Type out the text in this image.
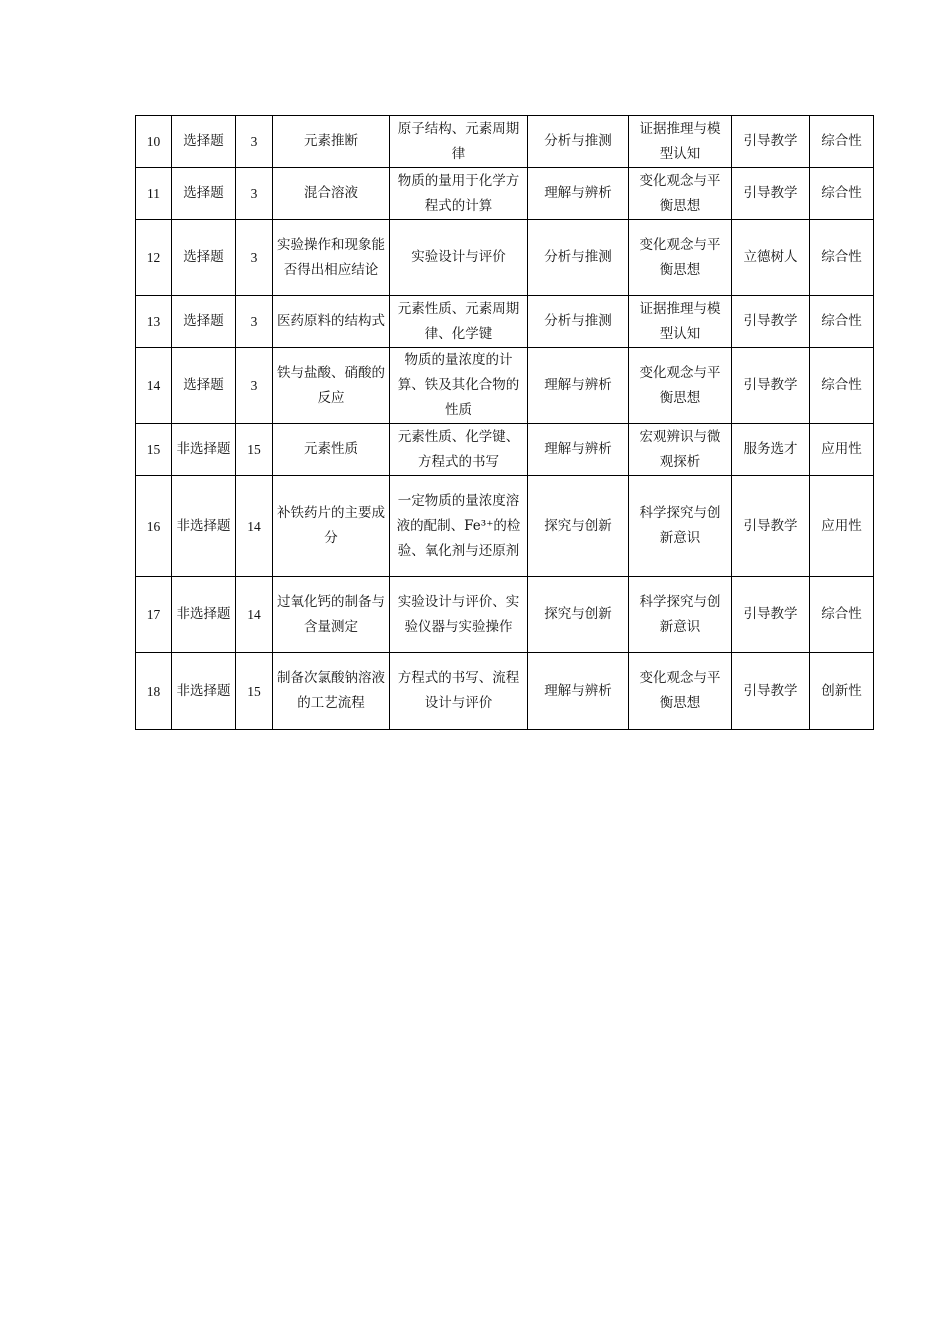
10	选择题	3	元素推断	原子结构、元素周期律	分析与推测	证据推理与模型认知	引导教学	综合性
11	选择题	3	混合溶液	物质的量用于化学方程式的计算	理解与辨析	变化观念与平衡思想	引导教学	综合性
12	选择题	3	实验操作和现象能否得出相应结论	实验设计与评价	分析与推测	变化观念与平衡思想	立德树人	综合性
13	选择题	3	医药原料的结构式	元素性质、元素周期律、化学键	分析与推测	证据推理与模型认知	引导教学	综合性
14	选择题	3	铁与盐酸、硝酸的反应	物质的量浓度的计算、铁及其化合物的性质	理解与辨析	变化观念与平衡思想	引导教学	综合性
15	非选择题	15	元素性质	元素性质、化学键、方程式的书写	理解与辨析	宏观辨识与微观探析	服务选才	应用性
16	非选择题	14	补铁药片的主要成分	一定物质的量浓度溶液的配制、Fe³⁺的检验、氧化剂与还原剂	探究与创新	科学探究与创新意识	引导教学	应用性
17	非选择题	14	过氧化钙的制备与含量测定	实验设计与评价、实验仪器与实验操作	探究与创新	科学探究与创新意识	引导教学	综合性
18	非选择题	15	制备次氯酸钠溶液的工艺流程	方程式的书写、流程设计与评价	理解与辨析	变化观念与平衡思想	引导教学	创新性
